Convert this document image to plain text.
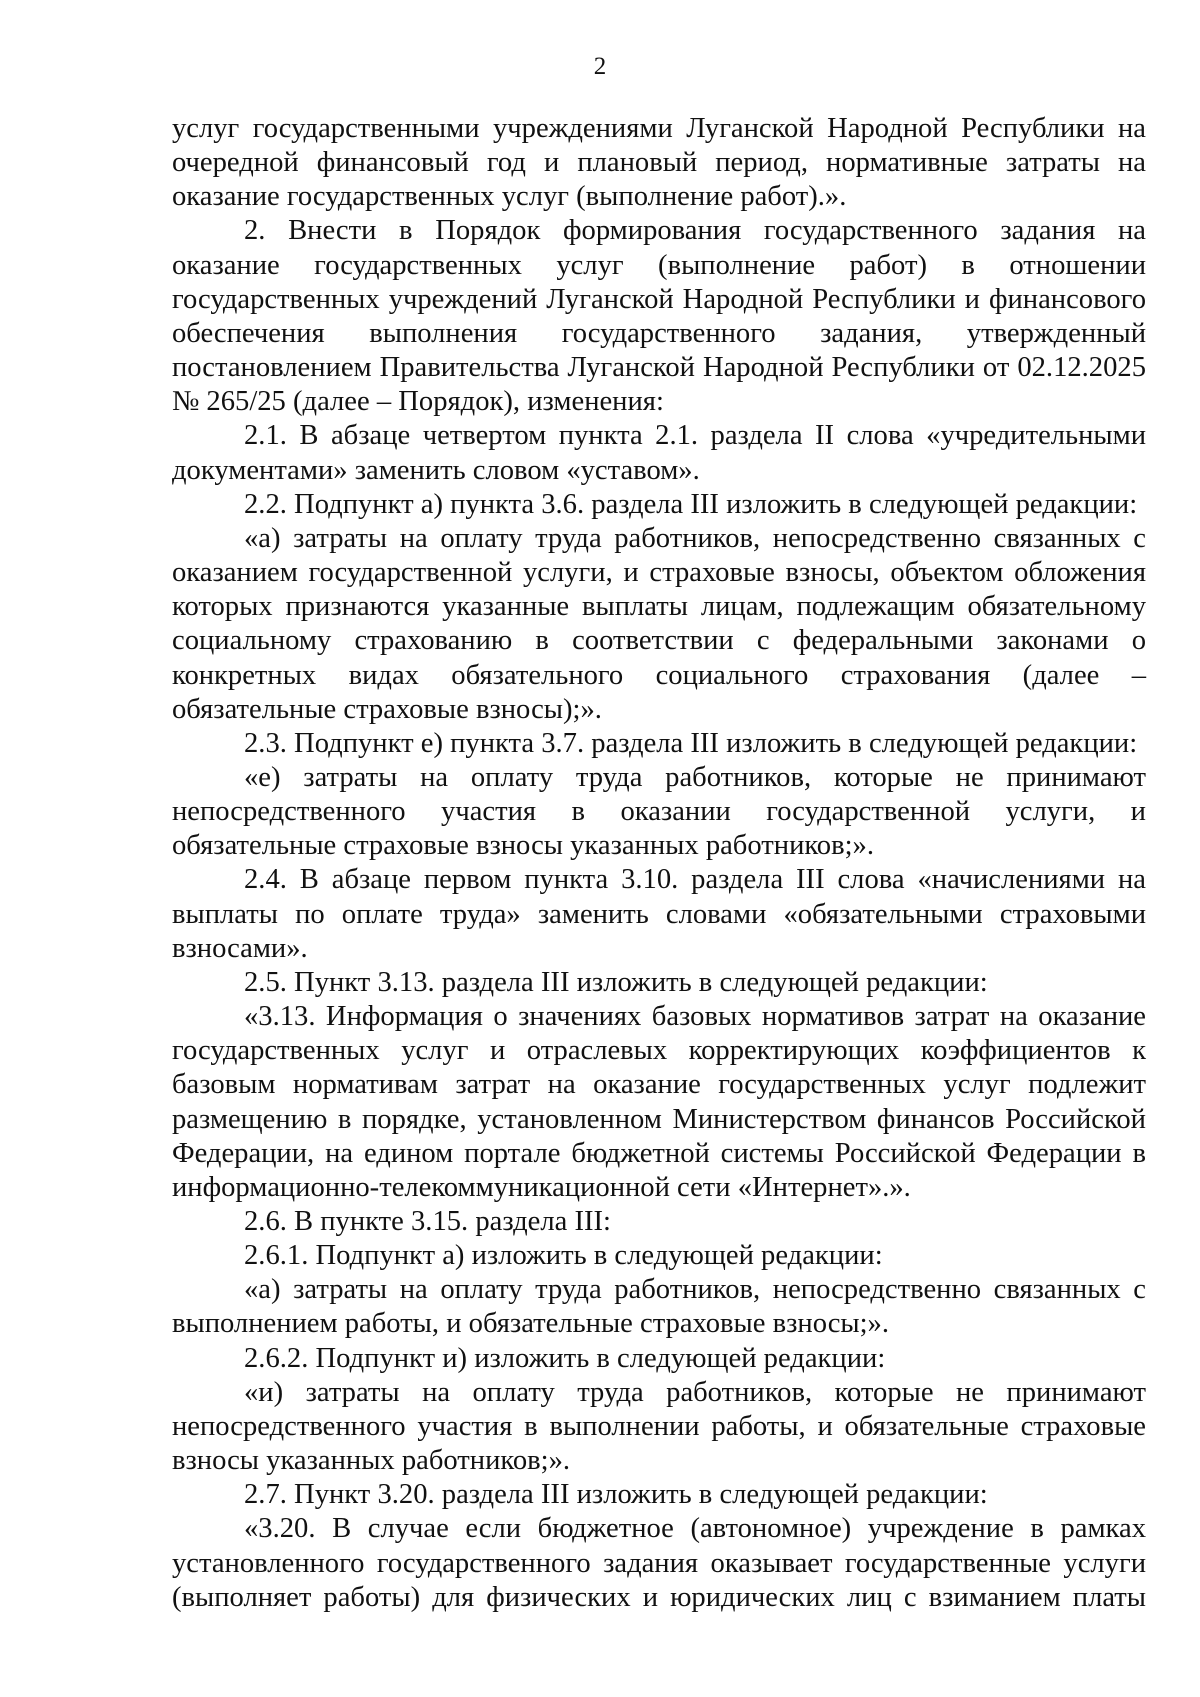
2

услуг государственными учреждениями Луганской Народной Республики на очередной финансовый год и плановый период, нормативные затраты на оказание государственных услуг (выполнение работ).».

2. Внести в Порядок формирования государственного задания на оказание государственных услуг (выполнение работ) в отношении государственных учреждений Луганской Народной Республики и финансового обеспечения выполнения государственного задания, утвержденный постановлением Правительства Луганской Народной Республики от 02.12.2025 № 265/25 (далее – Порядок), изменения:

2.1. В абзаце четвертом пункта 2.1. раздела II слова «учредительными документами» заменить словом «уставом».

2.2. Подпункт а) пункта 3.6. раздела III изложить в следующей редакции:

«а) затраты на оплату труда работников, непосредственно связанных с оказанием государственной услуги, и страховые взносы, объектом обложения которых признаются указанные выплаты лицам, подлежащим обязательному социальному страхованию в соответствии с федеральными законами о конкретных видах обязательного социального страхования (далее – обязательные страховые взносы);».

2.3. Подпункт е) пункта 3.7. раздела III изложить в следующей редакции:

«е) затраты на оплату труда работников, которые не принимают непосредственного участия в оказании государственной услуги, и обязательные страховые взносы указанных работников;».

2.4. В абзаце первом пункта 3.10. раздела III слова «начислениями на выплаты по оплате труда» заменить словами «обязательными страховыми взносами».

2.5. Пункт 3.13. раздела III изложить в следующей редакции:

«3.13. Информация о значениях базовых нормативов затрат на оказание государственных услуг и отраслевых корректирующих коэффициентов к базовым нормативам затрат на оказание государственных услуг подлежит размещению в порядке, установленном Министерством финансов Российской Федерации, на едином портале бюджетной системы Российской Федерации в информационно-телекоммуникационной сети «Интернет».».

2.6. В пункте 3.15. раздела III:

2.6.1. Подпункт а) изложить в следующей редакции:

«а) затраты на оплату труда работников, непосредственно связанных с выполнением работы, и обязательные страховые взносы;».

2.6.2. Подпункт и) изложить в следующей редакции:

«и) затраты на оплату труда работников, которые не принимают непосредственного участия в выполнении работы, и обязательные страховые взносы указанных работников;».

2.7. Пункт 3.20. раздела III изложить в следующей редакции:

«3.20. В случае если бюджетное (автономное) учреждение в рамках установленного государственного задания оказывает государственные услуги (выполняет работы) для физических и юридических лиц с взиманием платы
